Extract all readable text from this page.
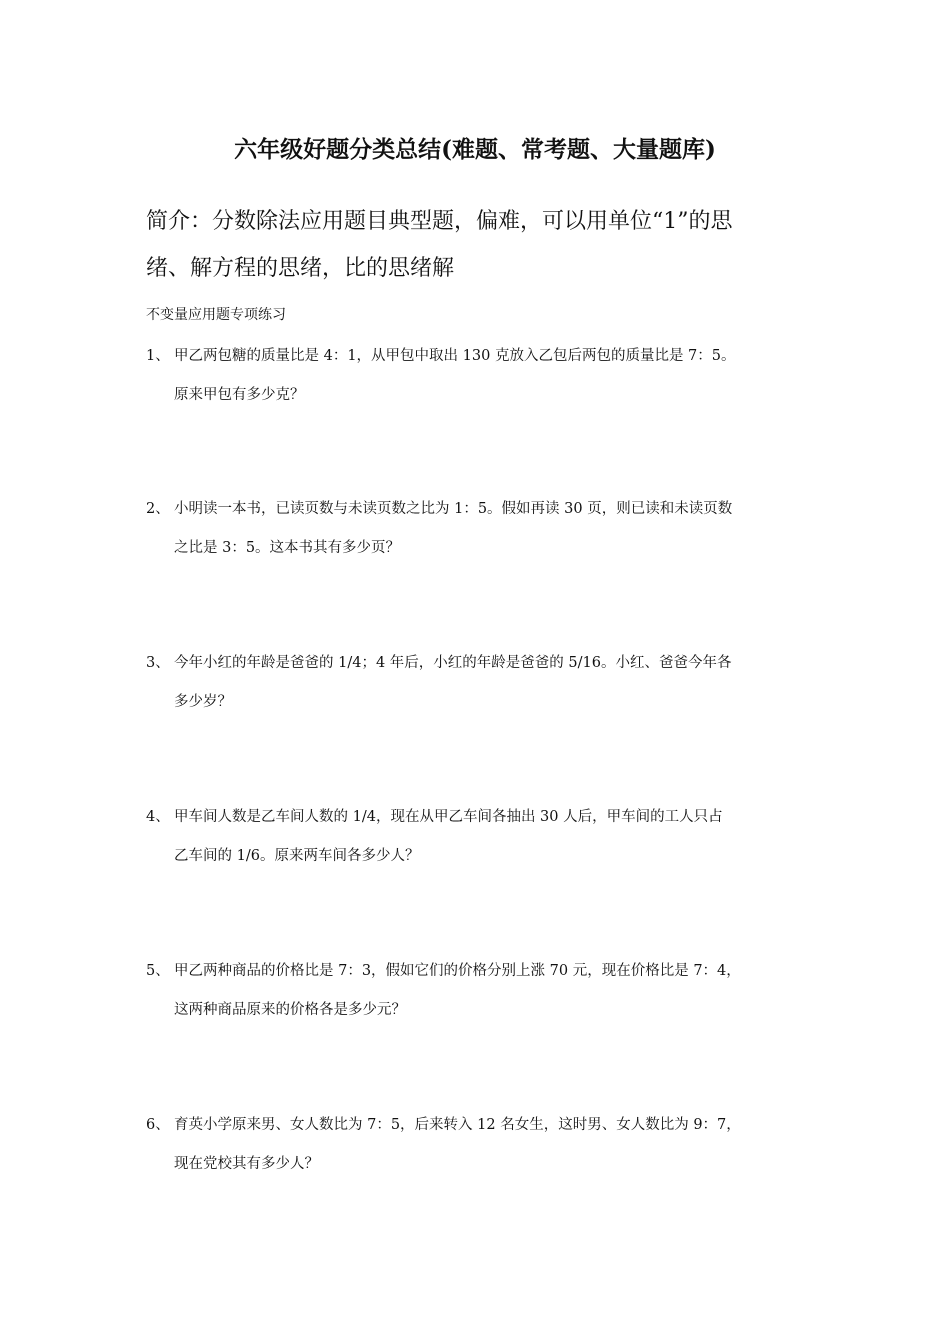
六年级好题分类总结(难题、常考题、大量题库)
简介：分数除法应用题目典型题，偏难，可以用单位“1”的思
绪、解方程的思绪，比的思绪解
不变量应用题专项练习
1、 甲乙两包糖的质量比是 4：1，从甲包中取出 130 克放入乙包后两包的质量比是 7：5。
原来甲包有多少克？
2、 小明读一本书，已读页数与未读页数之比为 1：5。假如再读 30 页，则已读和未读页数
之比是 3：5。这本书其有多少页？
3、 今年小红的年龄是爸爸的 1/4；4 年后，小红的年龄是爸爸的 5/16。小红、爸爸今年各
多少岁？
4、 甲车间人数是乙车间人数的 1/4，现在从甲乙车间各抽出 30 人后，甲车间的工人只占
乙车间的 1/6。原来两车间各多少人？
5、 甲乙两种商品的价格比是 7：3，假如它们的价格分别上涨 70 元，现在价格比是 7：4，
这两种商品原来的价格各是多少元？
6、 育英小学原来男、女人数比为 7：5，后来转入 12 名女生，这时男、女人数比为 9：7，
现在党校其有多少人？
